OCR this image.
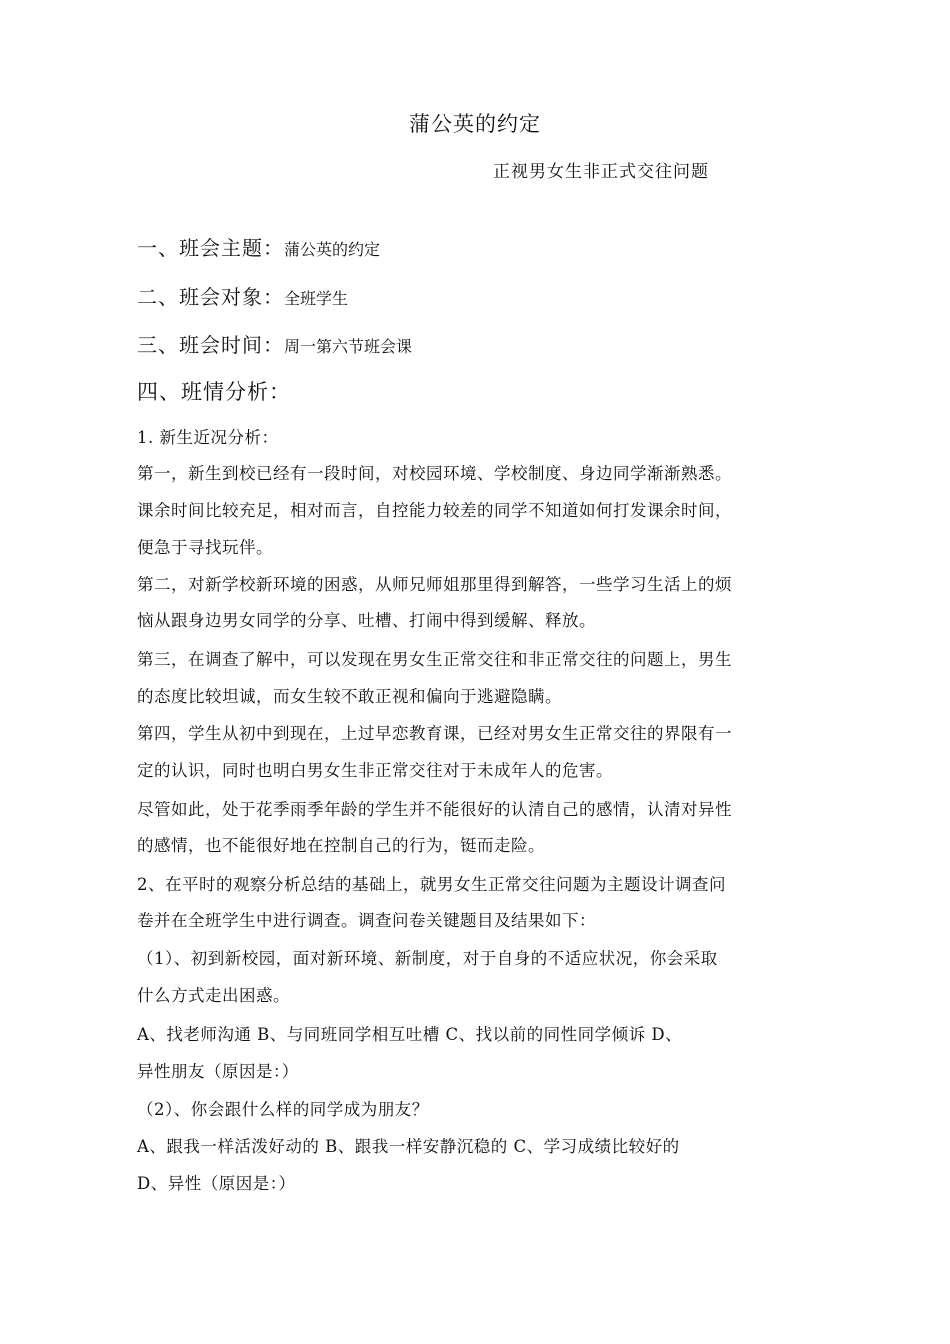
蒲公英的约定
正视男女生非正式交往问题
一、班会主题：蒲公英的约定
二、班会对象：全班学生
三、班会时间：周一第六节班会课
四、班情分析：
1. 新生近况分析：
第一，新生到校已经有一段时间，对校园环境、学校制度、身边同学渐渐熟悉。
课余时间比较充足，相对而言，自控能力较差的同学不知道如何打发课余时间，
便急于寻找玩伴。
第二，对新学校新环境的困惑，从师兄师姐那里得到解答，一些学习生活上的烦
恼从跟身边男女同学的分享、吐槽、打闹中得到缓解、释放。
第三，在调查了解中，可以发现在男女生正常交往和非正常交往的问题上，男生
的态度比较坦诚，而女生较不敢正视和偏向于逃避隐瞒。
第四，学生从初中到现在，上过早恋教育课，已经对男女生正常交往的界限有一
定的认识，同时也明白男女生非正常交往对于未成年人的危害。
尽管如此，处于花季雨季年龄的学生并不能很好的认清自己的感情，认清对异性
的感情，也不能很好地在控制自己的行为，铤而走险。
2、在平时的观察分析总结的基础上，就男女生正常交往问题为主题设计调查问
卷并在全班学生中进行调查。调查问卷关键题目及结果如下：
（1）、初到新校园，面对新环境、新制度，对于自身的不适应状况，你会采取
什么方式走出困惑。
A、找老师沟通 B、与同班同学相互吐槽 C、找以前的同性同学倾诉 D、
异性朋友（原因是：）
（2）、你会跟什么样的同学成为朋友？
A、跟我一样活泼好动的 B、跟我一样安静沉稳的 C、学习成绩比较好的
D、异性（原因是：）
